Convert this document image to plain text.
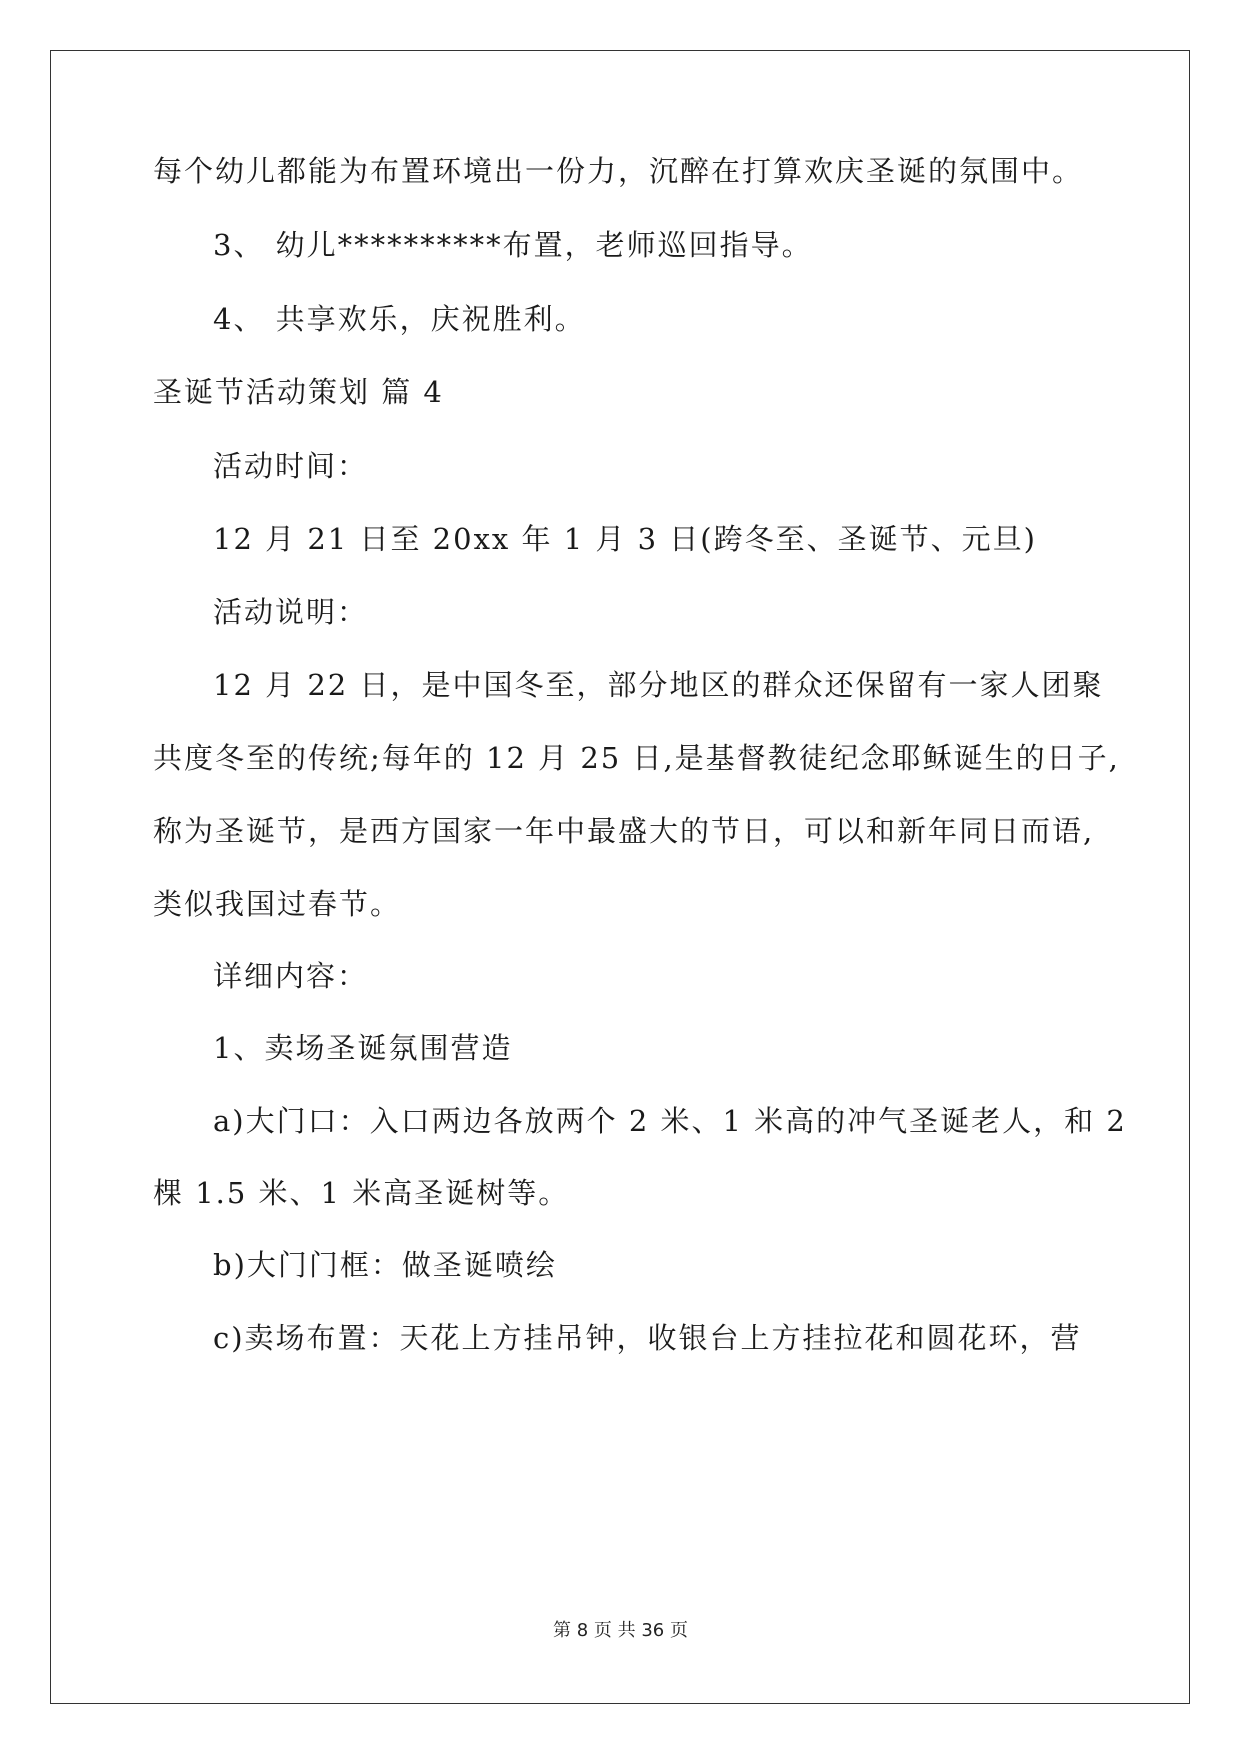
每个幼儿都能为布置环境出一份力，沉醉在打算欢庆圣诞的氛围中。
3、 幼儿**********布置，老师巡回指导。
4、 共享欢乐，庆祝胜利。
圣诞节活动策划 篇 4
活动时间：
12 月 21 日至 20xx 年 1 月 3 日(跨冬至、圣诞节、元旦)
活动说明：
12 月 22 日，是中国冬至，部分地区的群众还保留有一家人团聚
共度冬至的传统;每年的 12 月 25 日,是基督教徒纪念耶稣诞生的日子,
称为圣诞节，是西方国家一年中最盛大的节日，可以和新年同日而语,
类似我国过春节。
详细内容：
1、卖场圣诞氛围营造
a)大门口：入口两边各放两个 2 米、1 米高的冲气圣诞老人，和 2
棵 1.5 米、1 米高圣诞树等。
b)大门门框：做圣诞喷绘
c)卖场布置：天花上方挂吊钟，收银台上方挂拉花和圆花环，营
第 8 页 共 36 页
